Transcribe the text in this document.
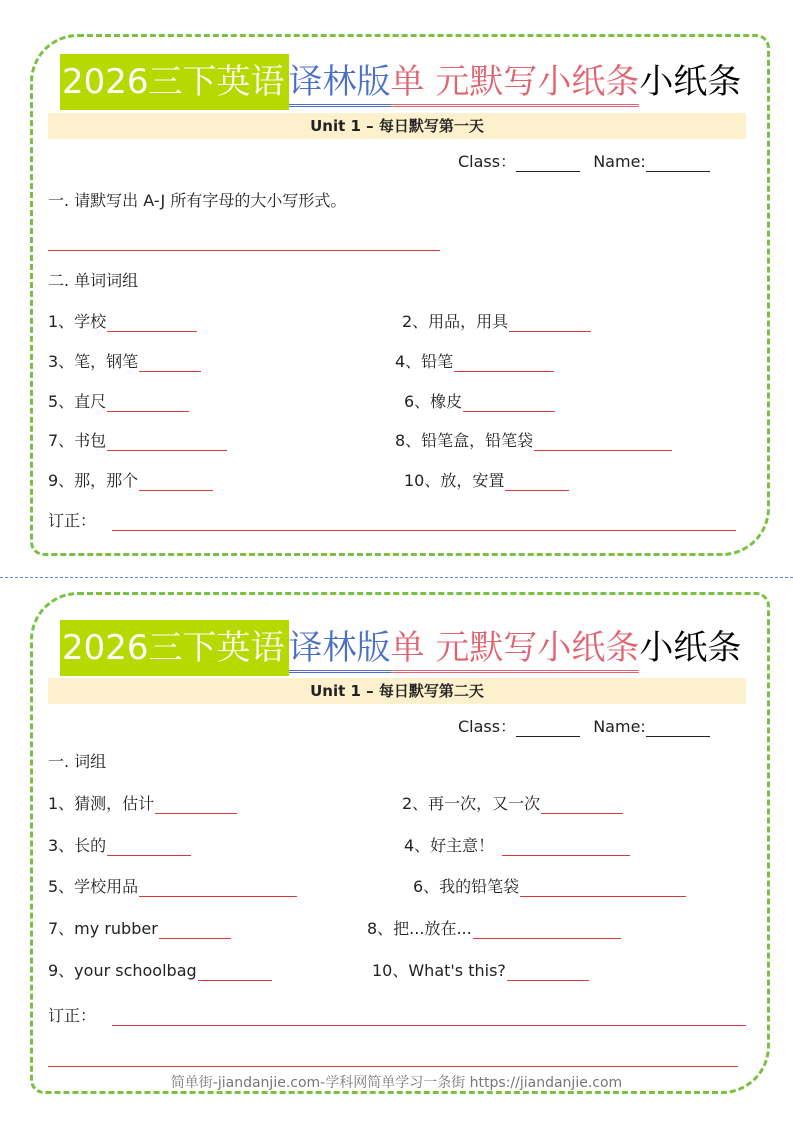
2026三下英语 译林版单 元默写小纸条小纸条
Unit 1 – 每日默写第一天
Class：	Name:
一. 请默写出 A-J 所有字母的大小写形式。
二. 单词词组
1、学校	2、用品，用具
3、笔，钢笔	4、铅笔
5、直尺	6、橡皮
7、书包	8、铅笔盒，铅笔袋
9、那，那个	10、放，安置
订正：
2026三下英语 译林版单 元默写小纸条小纸条
Unit 1 – 每日默写第二天
Class：	Name:
一. 词组
1、猜测，估计	2、再一次，又一次
3、长的	4、好主意！
5、学校用品	6、我的铅笔袋
7、my rubber	8、把...放在...
9、your schoolbag	10、What's this?
订正：
简单街-jiandanjie.com-学科网简单学习一条街 https://jiandanjie.com
